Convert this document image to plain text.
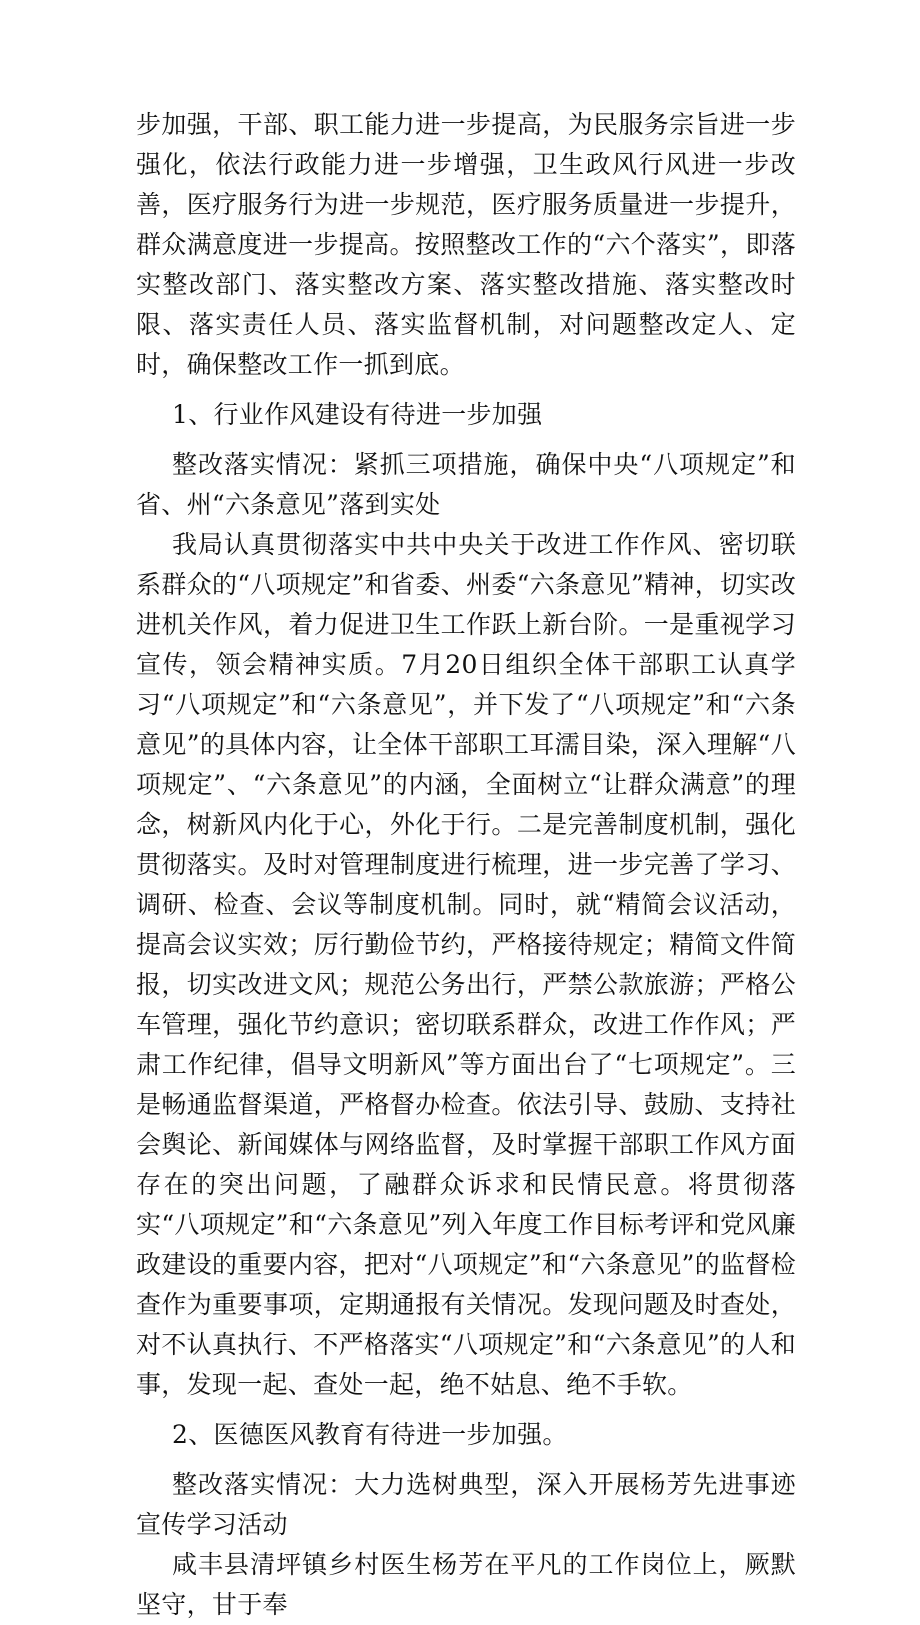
步加强，干部、职工能力进一步提高，为民服务宗旨进一步强化，依法行政能力进一步增强，卫生政风行风进一步改善，医疗服务行为进一步规范，医疗服务质量进一步提升，群众满意度进一步提高。按照整改工作的“六个落实”，即落实整改部门、落实整改方案、落实整改措施、落实整改时限、落实责任人员、落实监督机制，对问题整改定人、定时，确保整改工作一抓到底。

1、行业作风建设有待进一步加强

整改落实情况：紧抓三项措施，确保中央“八项规定”和省、州“六条意见”落到实处

我局认真贯彻落实中共中央关于改进工作作风、密切联系群众的“八项规定”和省委、州委“六条意见”精神，切实改进机关作风，着力促进卫生工作跃上新台阶。一是重视学习宣传，领会精神实质。7月20日组织全体干部职工认真学习“八项规定”和“六条意见”，并下发了“八项规定”和“六条意见”的具体内容，让全体干部职工耳濡目染，深入理解“八项规定”、“六条意见”的内涵，全面树立“让群众满意”的理念，树新风内化于心，外化于行。二是完善制度机制，强化贯彻落实。及时对管理制度进行梳理，进一步完善了学习、调研、检查、会议等制度机制。同时，就“精简会议活动，提高会议实效；厉行勤俭节约，严格接待规定；精简文件简报，切实改进文风；规范公务出行，严禁公款旅游；严格公车管理，强化节约意识；密切联系群众，改进工作作风；严肃工作纪律，倡导文明新风”等方面出台了“七项规定”。三是畅通监督渠道，严格督办检查。依法引导、鼓励、支持社会舆论、新闻媒体与网络监督，及时掌握干部职工作风方面存在的突出问题，了融群众诉求和民情民意。将贯彻落实“八项规定”和“六条意见”列入年度工作目标考评和党风廉政建设的重要内容，把对“八项规定”和“六条意见”的监督检查作为重要事项，定期通报有关情况。发现问题及时查处，对不认真执行、不严格落实“八项规定”和“六条意见”的人和事，发现一起、查处一起，绝不姑息、绝不手软。

2、医德医风教育有待进一步加强。

整改落实情况：大力选树典型，深入开展杨芳先进事迹宣传学习活动

咸丰县清坪镇乡村医生杨芳在平凡的工作岗位上，厥默坚守，甘于奉
